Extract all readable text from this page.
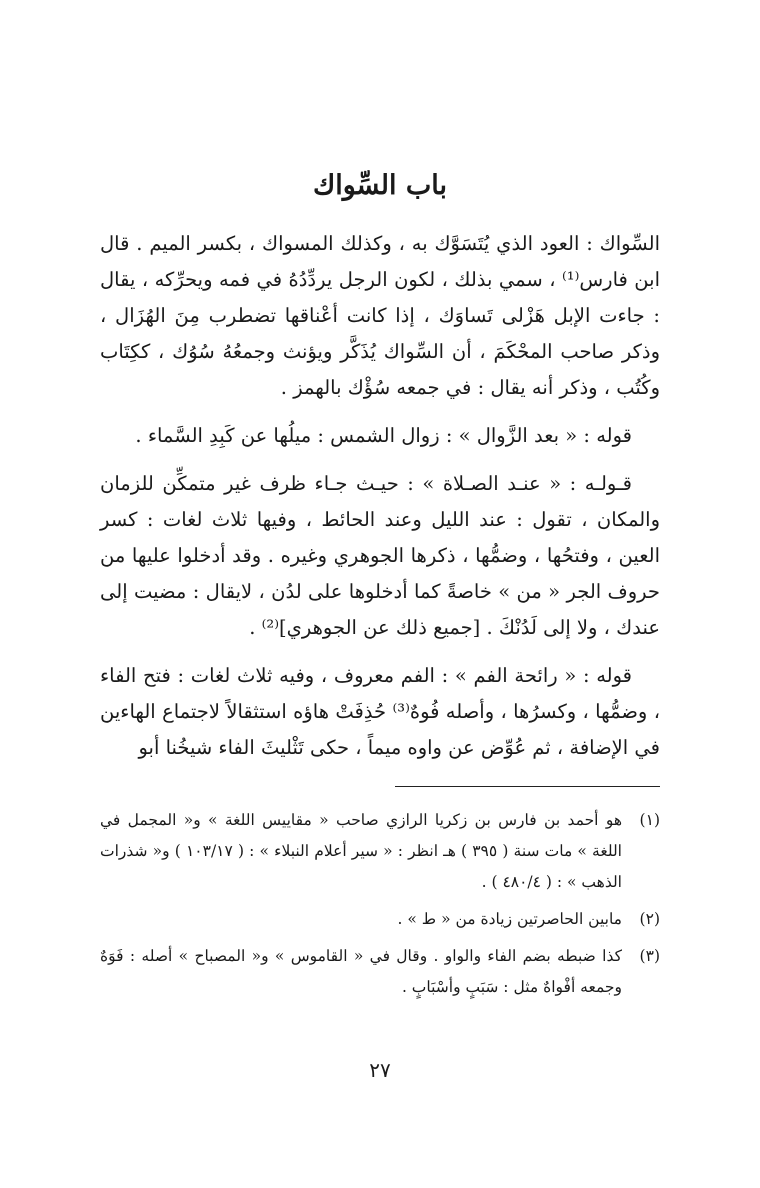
باب السِّواك

السِّواك : العود الذي يُتَسَوَّك به ، وكذلك المسواك ، بكسر الميم . قال ابن فارس⁽¹⁾ ، سمي بذلك ، لكون الرجل يردِّدُهُ في فمه ويحرِّكه ، يقال : جاءت الإبل هَزْلى تَساوَك ، إذا كانت أعْناقها تضطرب مِنَ الهُزَال ، وذكر صاحب المحْكَمَ ، أن السِّواك يُذَكَّر ويؤنث وجمعُهُ سُوُك ، ككِتَاب وكُتُب ، وذكر أنه يقال : في جمعه سُؤْك بالهمز .

قوله : « بعد الزَّوال » : زوال الشمس : ميلُها عن كَبِدِ السَّماء .

قـولـه : « عنـد الصـلاة » : حيـث جـاء ظرف غير متمكِّن للزمان والمكان ، تقول : عند الليل وعند الحائط ، وفيها ثلاث لغات : كسر العين ، وفتحُها ، وضمُّها ، ذكرها الجوهري وغيره . وقد أدخلوا عليها من حروف الجر « من » خاصةً كما أدخلوها على لدُن ، لايقال : مضيت إلى عندك ، ولا إلى لَدُنْكَ . [جميع ذلك عن الجوهري]⁽²⁾ .

قوله : « رائحة الفم » : الفم معروف ، وفيه ثلاث لغات : فتح الفاء ، وضمُّها ، وكسرُها ، وأصله فُوهٌ⁽³⁾ حُذِفَتْ هاؤه استثقالاً لاجتماع الهاءين في الإضافة ، ثم عُوِّض عن واوه ميماً ، حكى تَثْليثَ الفاء شيخُنا أبو

(١)
هو أحمد بن فارس بن زكريا الرازي صاحب « مقاييس اللغة » و« المجمل في اللغة » مات سنة ( ٣٩٥ ) هـ انظر : « سير أعلام النبلاء » : ( ١٠٣/١٧ ) و« شذرات الذهب » : ( ٤٨٠/٤ ) .
(٢)
مابين الحاصرتين زيادة من « ط » .
(٣)
كذا ضبطه بضم الفاء والواو . وقال في « القاموس » و« المصباح » أصله : فَوَهٌ وجمعه أفْواهٌ مثل : سَبَبٍ وأسْبَابٍ .
٢٧
